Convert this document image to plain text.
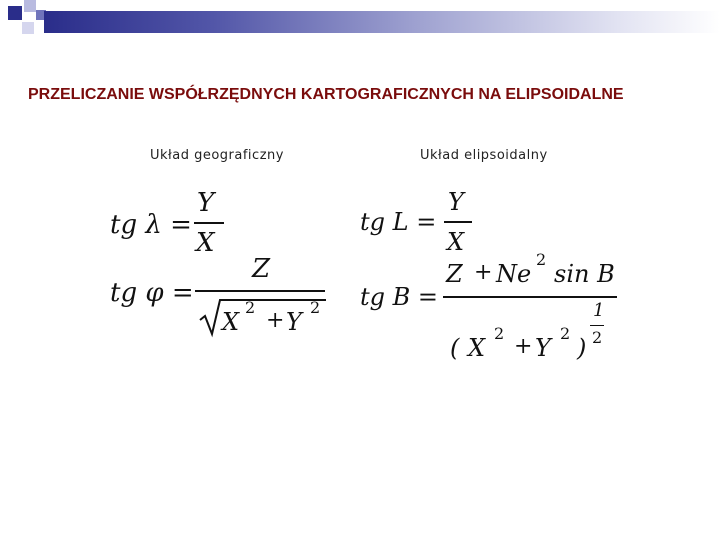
PRZELICZANIE WSPÓŁRZĘDNYCH KARTOGRAFICZNYCH NA ELIPSOIDALNE
Układ geograficzny	Układ elipsoidalny
tg λ =
Y
X
tg φ =
Z
X
2
+ Y
2
tg L =
Y
X
tg B =
Z + Ne
2
sin B
( X
2
+ Y
2
)
1
2
